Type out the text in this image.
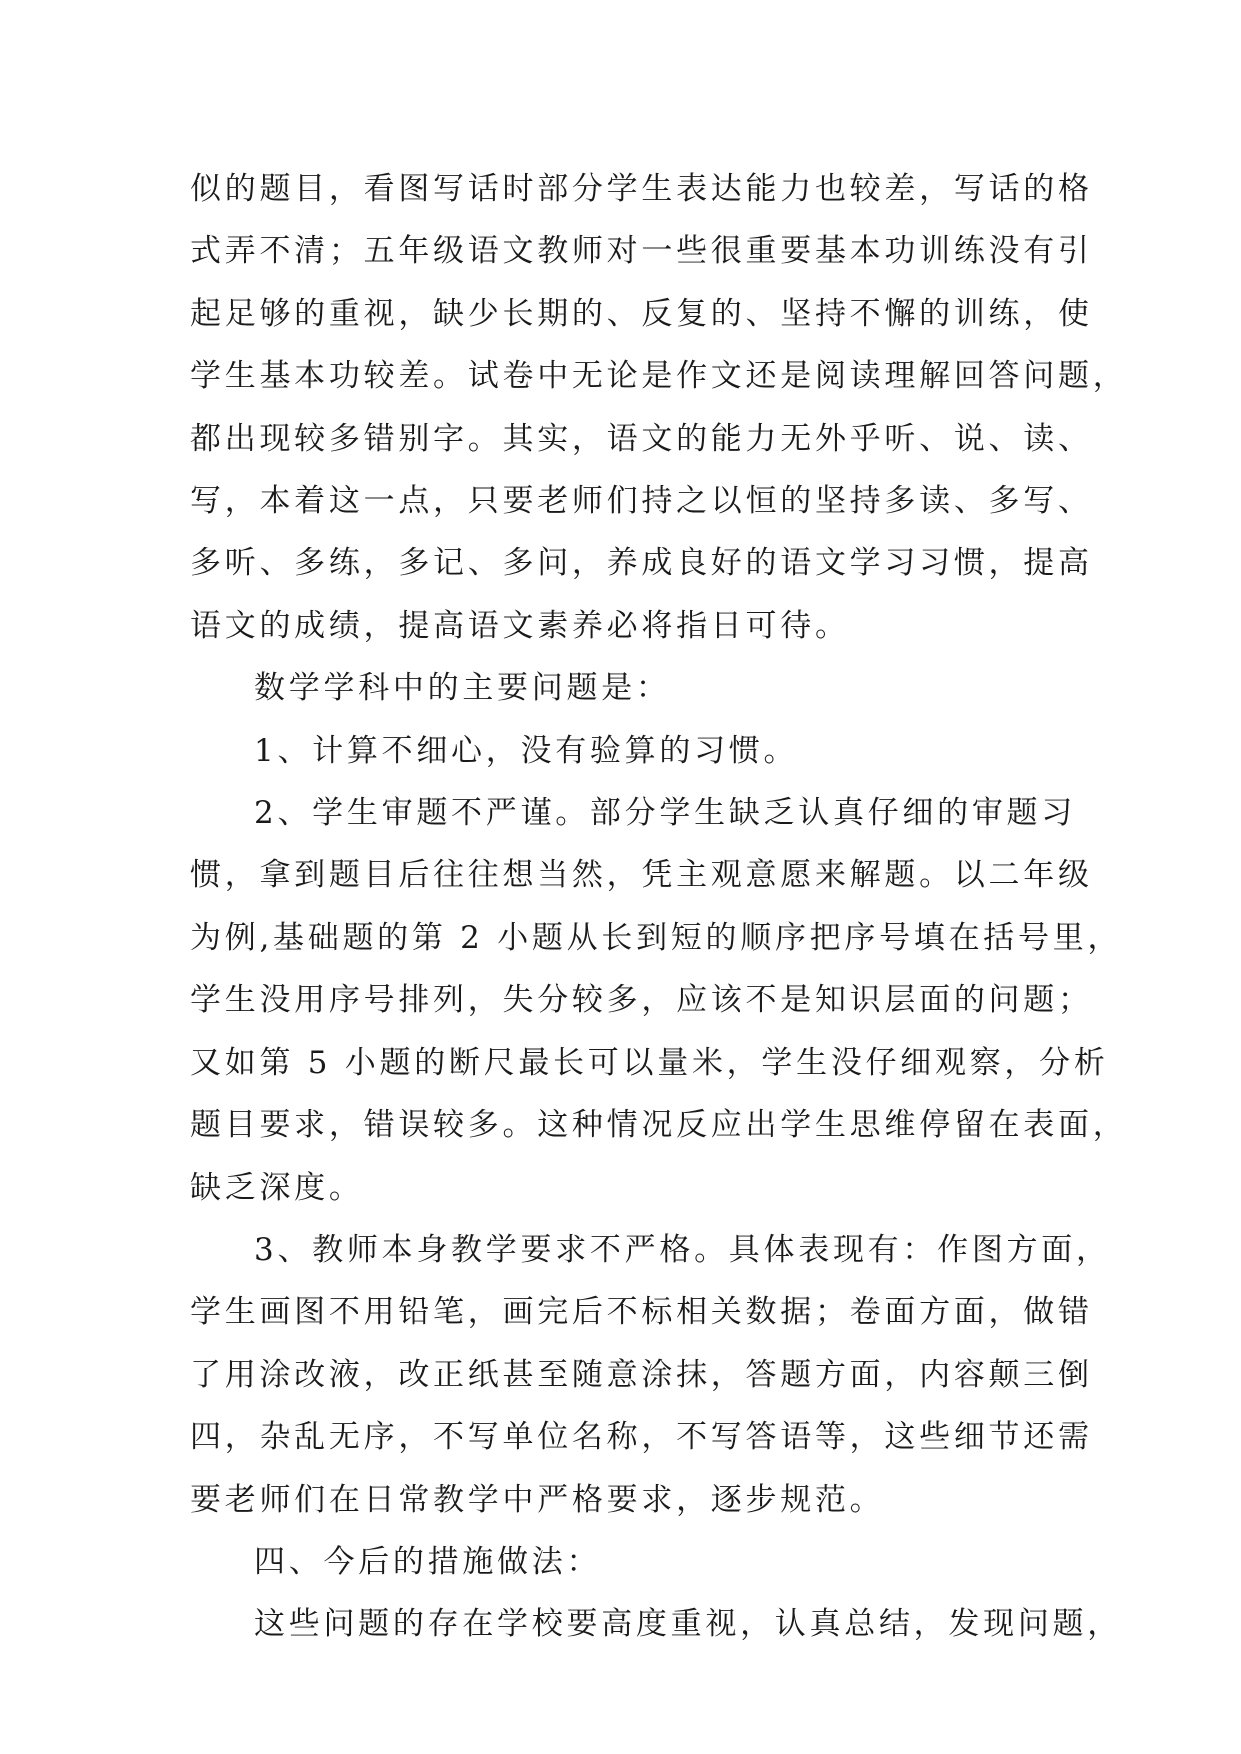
似的题目，看图写话时部分学生表达能力也较差，写话的格
式弄不清；五年级语文教师对一些很重要基本功训练没有引
起足够的重视，缺少长期的、反复的、坚持不懈的训练，使
学生基本功较差。试卷中无论是作文还是阅读理解回答问题，
都出现较多错别字。其实，语文的能力无外乎听、说、读、
写，本着这一点，只要老师们持之以恒的坚持多读、多写、
多听、多练，多记、多问，养成良好的语文学习习惯，提高
语文的成绩，提高语文素养必将指日可待。
数学学科中的主要问题是：
1、计算不细心，没有验算的习惯。
2、学生审题不严谨。部分学生缺乏认真仔细的审题习
惯，拿到题目后往往想当然，凭主观意愿来解题。以二年级
为例,基础题的第 2 小题从长到短的顺序把序号填在括号里，
学生没用序号排列，失分较多，应该不是知识层面的问题；
又如第 5 小题的断尺最长可以量米，学生没仔细观察，分析
题目要求，错误较多。这种情况反应出学生思维停留在表面，
缺乏深度。
3、教师本身教学要求不严格。具体表现有：作图方面，
学生画图不用铅笔，画完后不标相关数据；卷面方面，做错
了用涂改液，改正纸甚至随意涂抹，答题方面，内容颠三倒
四，杂乱无序，不写单位名称，不写答语等，这些细节还需
要老师们在日常教学中严格要求，逐步规范。
四、今后的措施做法：
这些问题的存在学校要高度重视，认真总结，发现问题，
